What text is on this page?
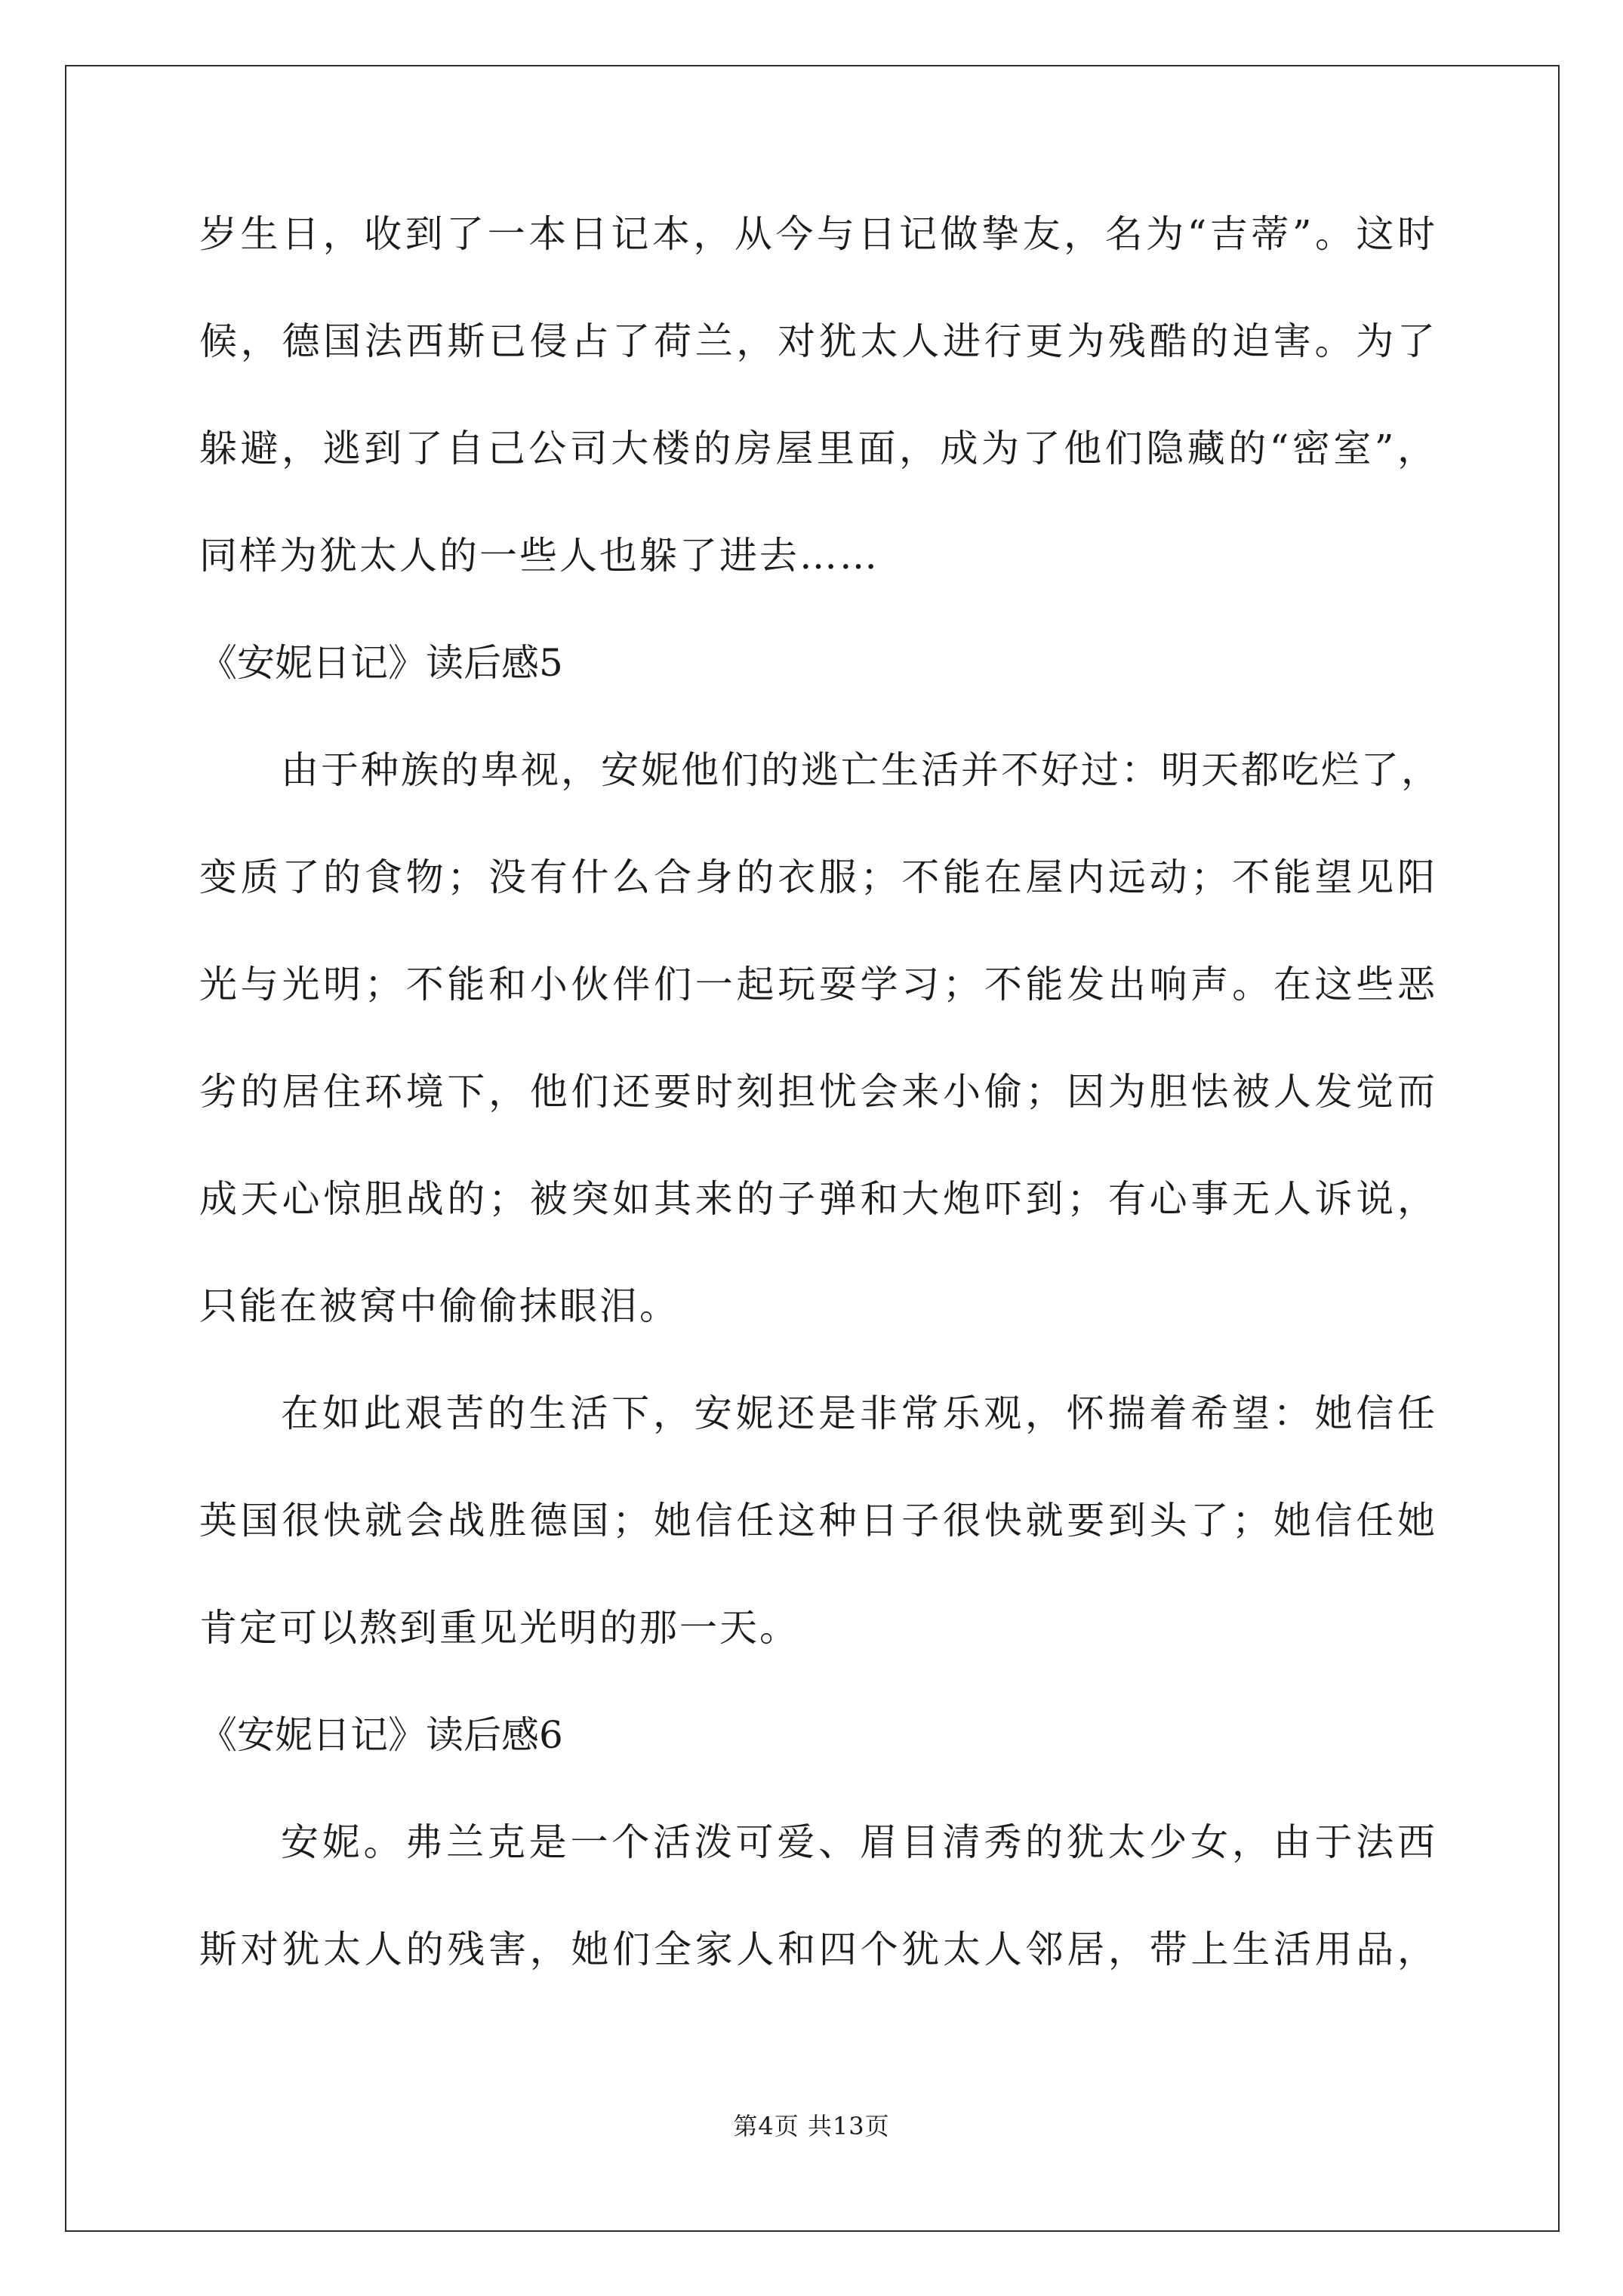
岁生日，收到了一本日记本，从今与日记做挚友，名为“吉蒂”。这时
候，德国法西斯已侵占了荷兰，对犹太人进行更为残酷的迫害。为了
躲避，逃到了自己公司大楼的房屋里面，成为了他们隐藏的“密室”，
同样为犹太人的一些人也躲了进去……
《安妮日记》读后感5
由于种族的卑视，安妮他们的逃亡生活并不好过：明天都吃烂了，
变质了的食物；没有什么合身的衣服；不能在屋内远动；不能望见阳
光与光明；不能和小伙伴们一起玩耍学习；不能发出响声。在这些恶
劣的居住环境下，他们还要时刻担忧会来小偷；因为胆怯被人发觉而
成天心惊胆战的；被突如其来的子弹和大炮吓到；有心事无人诉说，
只能在被窝中偷偷抹眼泪。
在如此艰苦的生活下，安妮还是非常乐观，怀揣着希望：她信任
英国很快就会战胜德国；她信任这种日子很快就要到头了；她信任她
肯定可以熬到重见光明的那一天。
《安妮日记》读后感6
安妮。弗兰克是一个活泼可爱、眉目清秀的犹太少女，由于法西
斯对犹太人的残害，她们全家人和四个犹太人邻居，带上生活用品，
第4页 共13页
